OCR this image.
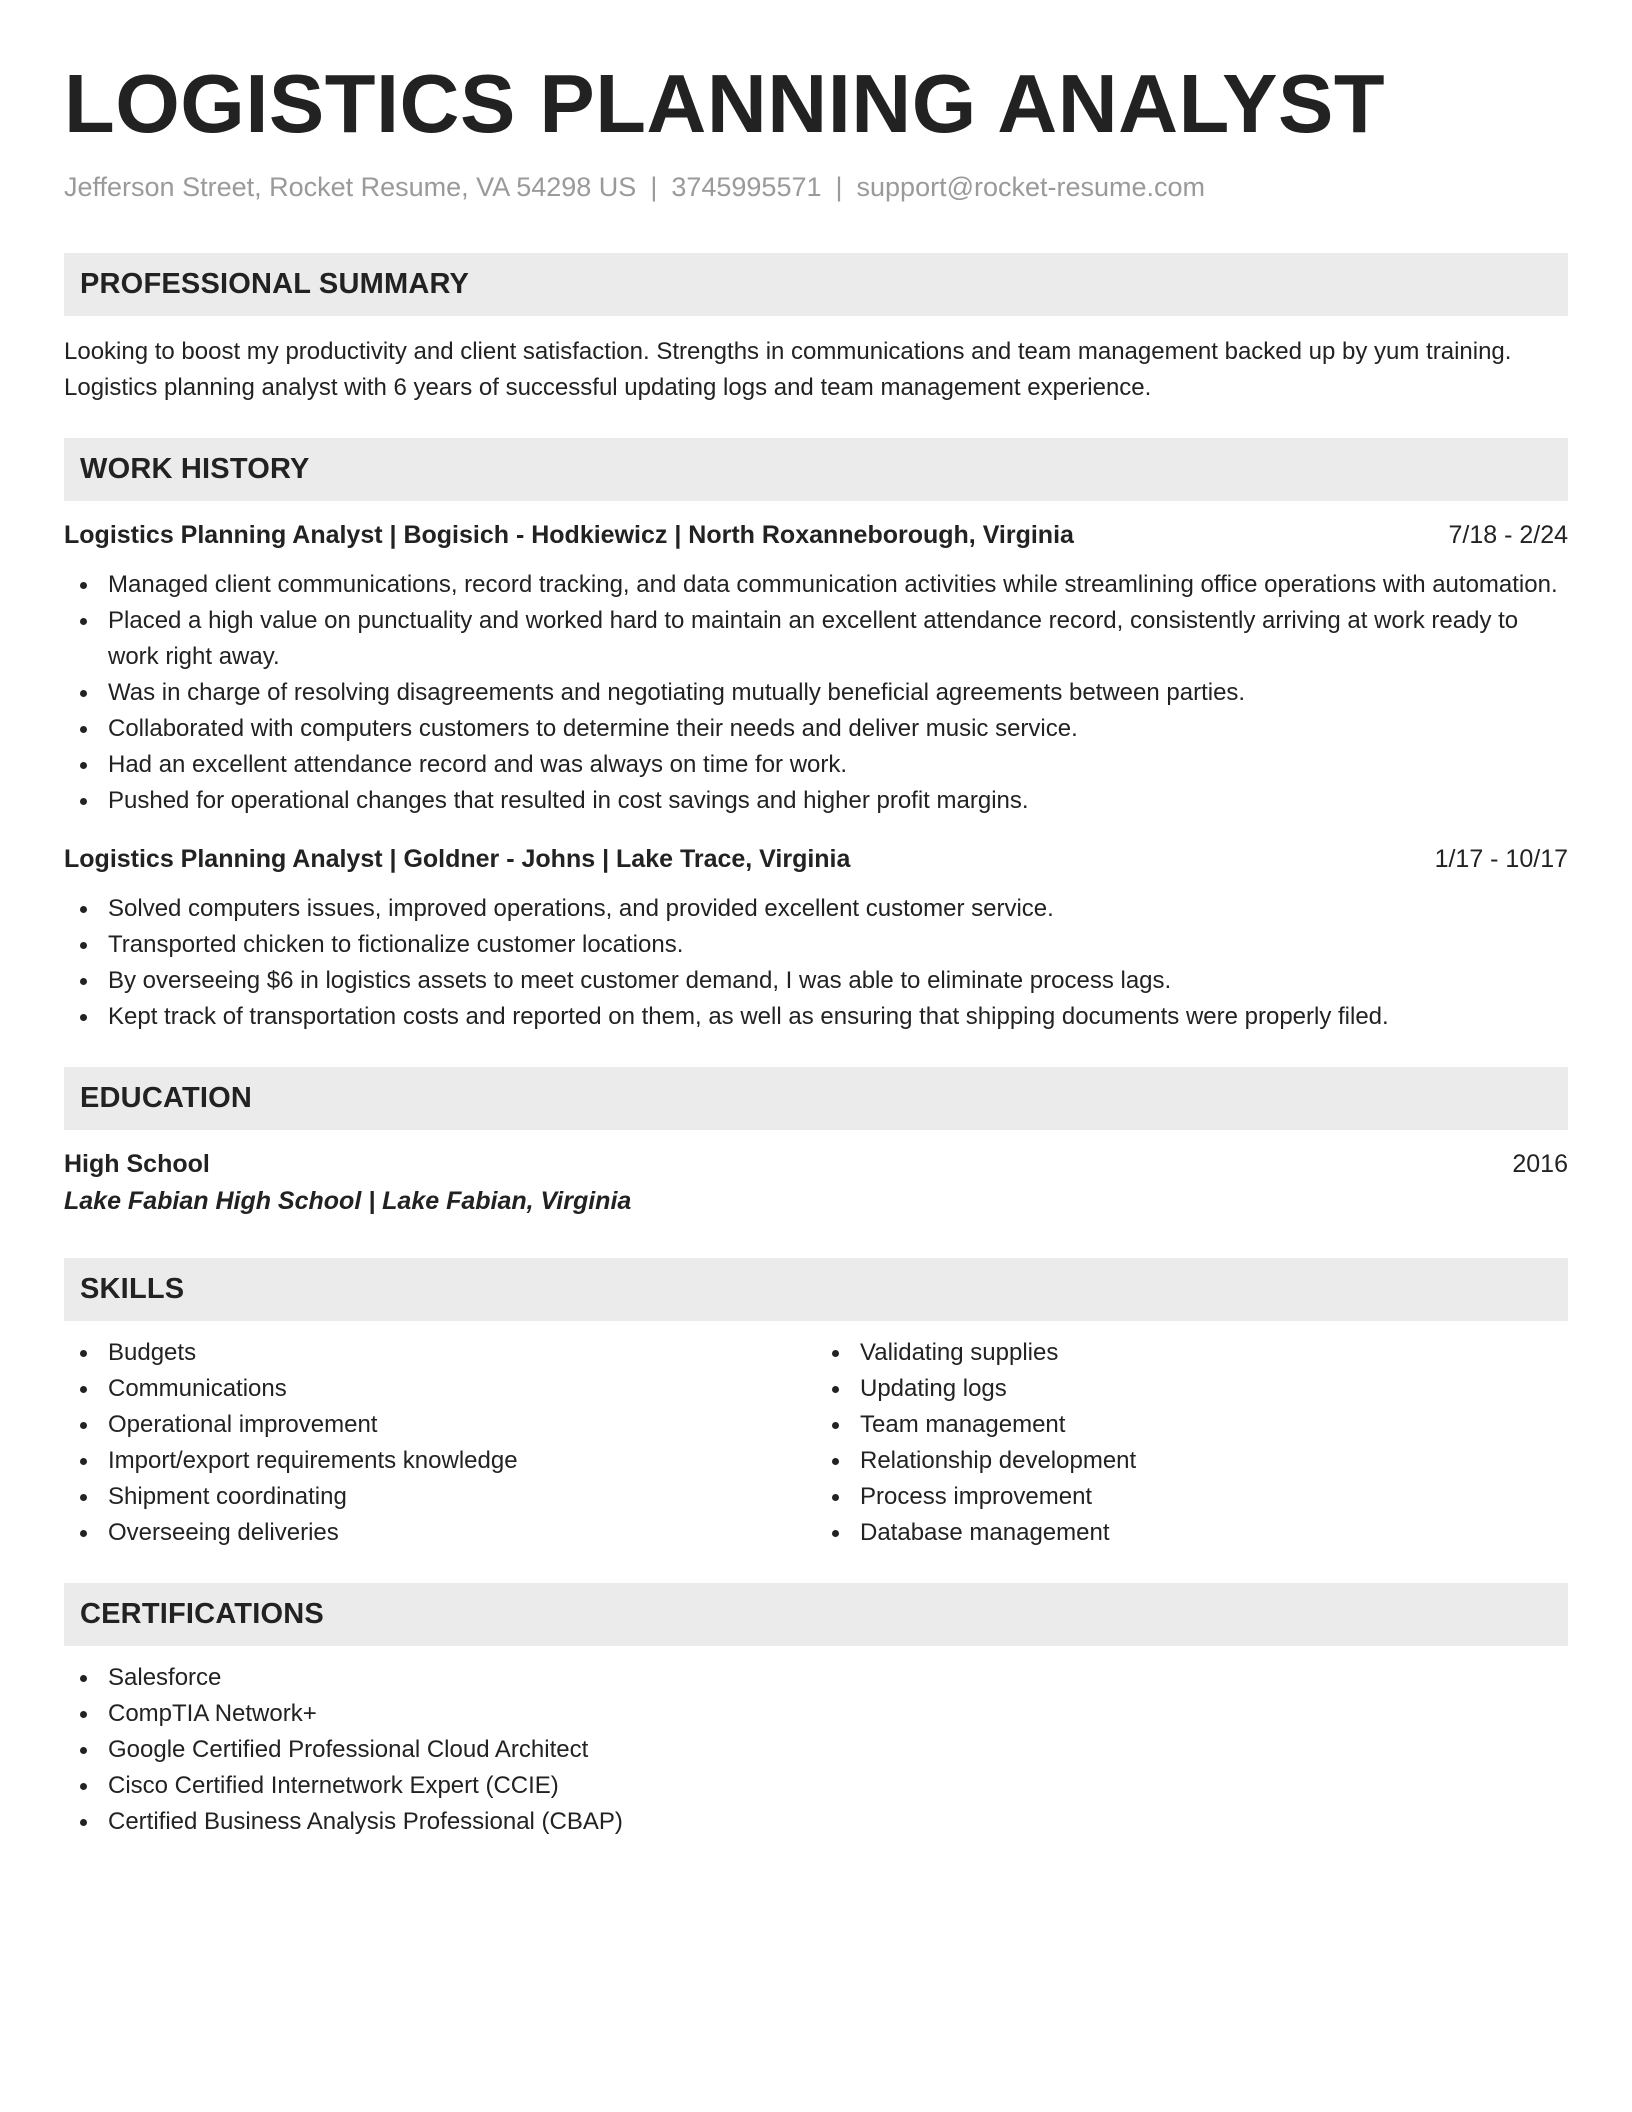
LOGISTICS PLANNING ANALYST
Jefferson Street, Rocket Resume, VA 54298 US | 3745995571 | support@rocket-resume.com
PROFESSIONAL SUMMARY

Looking to boost my productivity and client satisfaction. Strengths in communications and team management backed up by yum training. Logistics planning analyst with 6 years of successful updating logs and team management experience.

WORK HISTORY
Logistics Planning Analyst | Bogisich - Hodkiewicz | North Roxanneborough, Virginia	7/18 - 2/24
Managed client communications, record tracking, and data communication activities while streamlining office operations with automation.
Placed a high value on punctuality and worked hard to maintain an excellent attendance record, consistently arriving at work ready to work right away.
Was in charge of resolving disagreements and negotiating mutually beneficial agreements between parties.
Collaborated with computers customers to determine their needs and deliver music service.
Had an excellent attendance record and was always on time for work.
Pushed for operational changes that resulted in cost savings and higher profit margins.
Logistics Planning Analyst | Goldner - Johns | Lake Trace, Virginia	1/17 - 10/17
Solved computers issues, improved operations, and provided excellent customer service.
Transported chicken to fictionalize customer locations.
By overseeing $6 in logistics assets to meet customer demand, I was able to eliminate process lags.
Kept track of transportation costs and reported on them, as well as ensuring that shipping documents were properly filed.
EDUCATION
High School	2016
Lake Fabian High School | Lake Fabian, Virginia
SKILLS
Budgets
Communications
Operational improvement
Import/export requirements knowledge
Shipment coordinating
Overseeing deliveries
Validating supplies
Updating logs
Team management
Relationship development
Process improvement
Database management
CERTIFICATIONS
Salesforce
CompTIA Network+
Google Certified Professional Cloud Architect
Cisco Certified Internetwork Expert (CCIE)
Certified Business Analysis Professional (CBAP)
